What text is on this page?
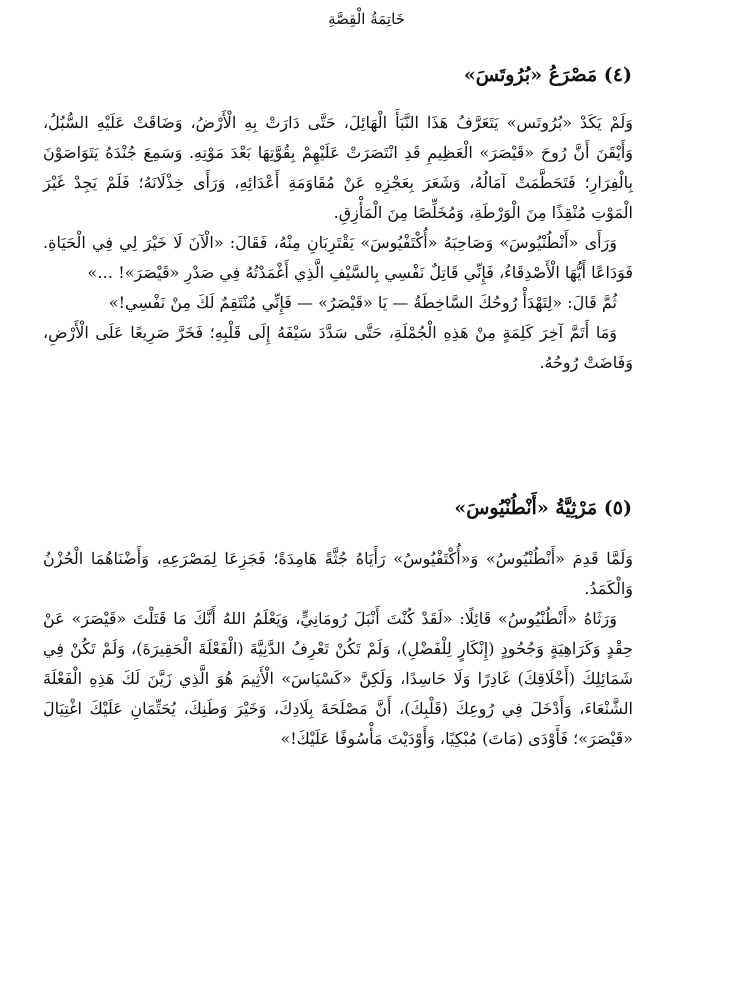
خَاتِمَةُ الْقِصَّةِ
(٤) مَصْرَعُ «بُرُوتَسَ»

وَلَمْ يَكَدْ «بُرُوتَس» يَتَعَرَّفُ هَذَا النَّبَأَ الْهَائِلَ، حَتَّى دَارَتْ بِهِ الْأَرْضُ، وَضَاقَتْ عَلَيْهِ السُّبُلُ، وَأَيْقَنَ أَنَّ رُوحَ «قَيْصَرَ» الْعَظِيمِ قَدِ انْتَصَرَتْ عَلَيْهِمْ بِقُوَّتِهَا بَعْدَ مَوْتِهِ. وَسَمِعَ جُنْدَهُ يَتَوَاصَوْنَ بِالْفِرَارِ؛ فَتَحَطَّمَتْ آمَالُهُ، وَشَعَرَ بِعَجْزِهِ عَنْ مُقَاوَمَةِ أَعْدَائِهِ، وَرَأَى خِذْلَانَهُ؛ فَلَمْ يَجِدْ غَيْرَ الْمَوْتِ مُنْقِذًا مِنَ الْوَرْطَةِ، وَمُخَلِّصًا مِنَ الْمَأْزِقِ.

وَرَأَى «أَنْطُنْيُوسَ» وَصَاحِبَهُ «أُكْتَفْيُوسَ» يَقْتَرِبَانِ مِنْهُ، فَقَالَ: «الْآنَ لَا خَيْرَ لِي فِي الْحَيَاةِ. فَوَدَاعًا أَيُّهَا الْأَصْدِقَاءُ، فَإِنِّي قَاتِلٌ نَفْسِي بِالسَّيْفِ الَّذِي أَغْمَدْتُهُ فِي صَدْرِ «قَيْصَرَ»! …»

ثُمَّ قَالَ: «لِتَهْدَأْ رُوحُكَ السَّاخِطَةُ — يَا «قَيْصَرُ» — فَإِنِّي مُنْتَقِمٌ لَكَ مِنْ نَفْسِي!»

وَمَا أَتَمَّ آخِرَ كَلِمَةٍ مِنْ هَذِهِ الْجُمْلَةِ، حَتَّى سَدَّدَ سَيْفَهُ إِلَى قَلْبِهِ؛ فَخَرَّ صَرِيعًا عَلَى الْأَرْضِ، وَفَاضَتْ رُوحُهُ.

(٥) مَرْثِيَّةُ «أَنْطُنْيُوسَ»

وَلَمَّا قَدِمَ «أَنْطُنْيُوسُ» وَ«أُكْتَفْيُوسُ» رَأَيَاهُ جُثَّةً هَامِدَةً؛ فَجَزِعَا لِمَصْرَعِهِ، وَأَضْنَاهُمَا الْحُزْنُ وَالْكَمَدُ.

وَرَثَاهُ «أَنْطُنْيُوسُ» قَائِلًا: «لَقَدْ كُنْتَ أَنْبَلَ رُومَانِيٍّ، وَيَعْلَمُ اللهُ أَنَّكَ مَا قَتَلْتَ «قَيْصَرَ» عَنْ حِقْدٍ وَكَرَاهِيَةٍ وَجُحُودٍ (إِنْكَارٍ لِلْفَضْلِ)، وَلَمْ تَكُنْ تَعْرِفُ الدَّنِيَّةَ (الْفَعْلَةَ الْحَقِيرَةَ)، وَلَمْ تَكُنْ فِي شَمَائِلِكَ (أَخْلَاقِكَ) غَادِرًا وَلَا حَاسِدًا، وَلَكِنَّ «كَسْيَاسَ» الْأَثِيمَ هُوَ الَّذِي زَيَّنَ لَكَ هَذِهِ الْفَعْلَةَ الشَّنْعَاءَ، وَأَدْخَلَ فِي رُوعِكَ (قَلْبِكَ)، أَنَّ مَصْلَحَةَ بِلَادِكَ، وَخَيْرَ وَطَنِكَ، يُحَتِّمَانِ عَلَيْكَ اغْتِيَالَ «قَيْصَرَ»؛ فَأَوْدَى (مَاتَ) مُبْكِيًا، وَأَوْدَيْتَ مَأْسُوفًا عَلَيْكَ!»
